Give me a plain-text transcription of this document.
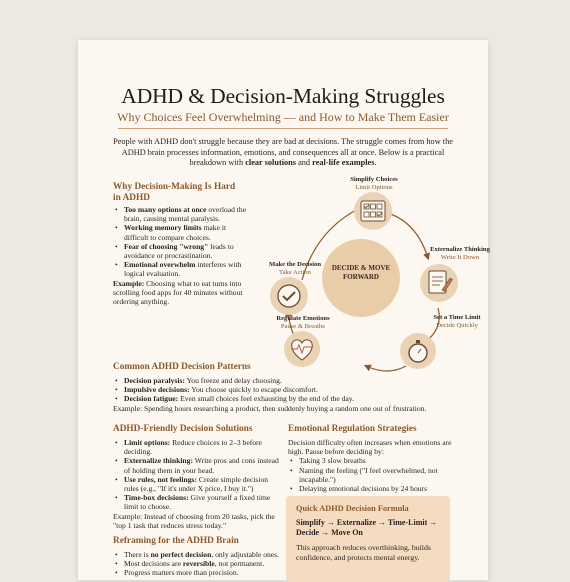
ADHD & Decision-Making Struggles
Why Choices Feel Overwhelming — and How to Make Them Easier
People with ADHD don't struggle because they are bad at decisions. The struggle comes from how the ADHD brain processes information, emotions, and consequences all at once. Below is a practical breakdown with clear solutions and real-life examples.
Why Decision-Making Is Hard in ADHD
• Too many options at once overload the brain, causing mental paralysis.
• Working memory limits make it difficult to compare choices.
• Fear of choosing "wrong" leads to avoidance or procrastination.
• Emotional overwhelm interferes with logical evaluation.
Example: Choosing what to eat turns into scrolling food apps for 40 minutes without ordering anything.
DECIDE & MOVE FORWARD
Simplify Choices
Limit Options
Externalize Thinking
Write It Down
Set a Time Limit
Decide Quickly
Regulate Emotions
Pause & Breathe
Make the Decision
Take Action
Common ADHD Decision Patterns
• Decision paralysis: You freeze and delay choosing.
• Impulsive decisions: You choose quickly to escape discomfort.
• Decision fatigue: Even small choices feel exhausting by the end of the day.
Example: Spending hours researching a product, then suddenly buying a random one out of frustration.
ADHD-Friendly Decision Solutions
• Limit options: Reduce choices to 2–3 before deciding.
• Externalize thinking: Write pros and cons instead of holding them in your head.
• Use rules, not feelings: Create simple decision rules (e.g., "If it's under X price, I buy it.")
• Time-box decisions: Give yourself a fixed time limit to choose.
Example: Instead of choosing from 20 tasks, pick the "top 1 task that reduces stress today."
Emotional Regulation Strategies
Decision difficulty often increases when emotions are high. Pause before deciding by:
• Taking 3 slow breaths
• Naming the feeling ("I feel overwhelmed, not incapable.")
• Delaying emotional decisions by 24 hours
Quick ADHD Decision Formula
Simplify → Externalize → Time-Limit → Decide → Move On
This approach reduces overthinking, builds confidence, and protects mental energy.
Reframing for the ADHD Brain
• There is no perfect decision, only adjustable ones.
• Most decisions are reversible, not permanent.
• Progress matters more than precision.
